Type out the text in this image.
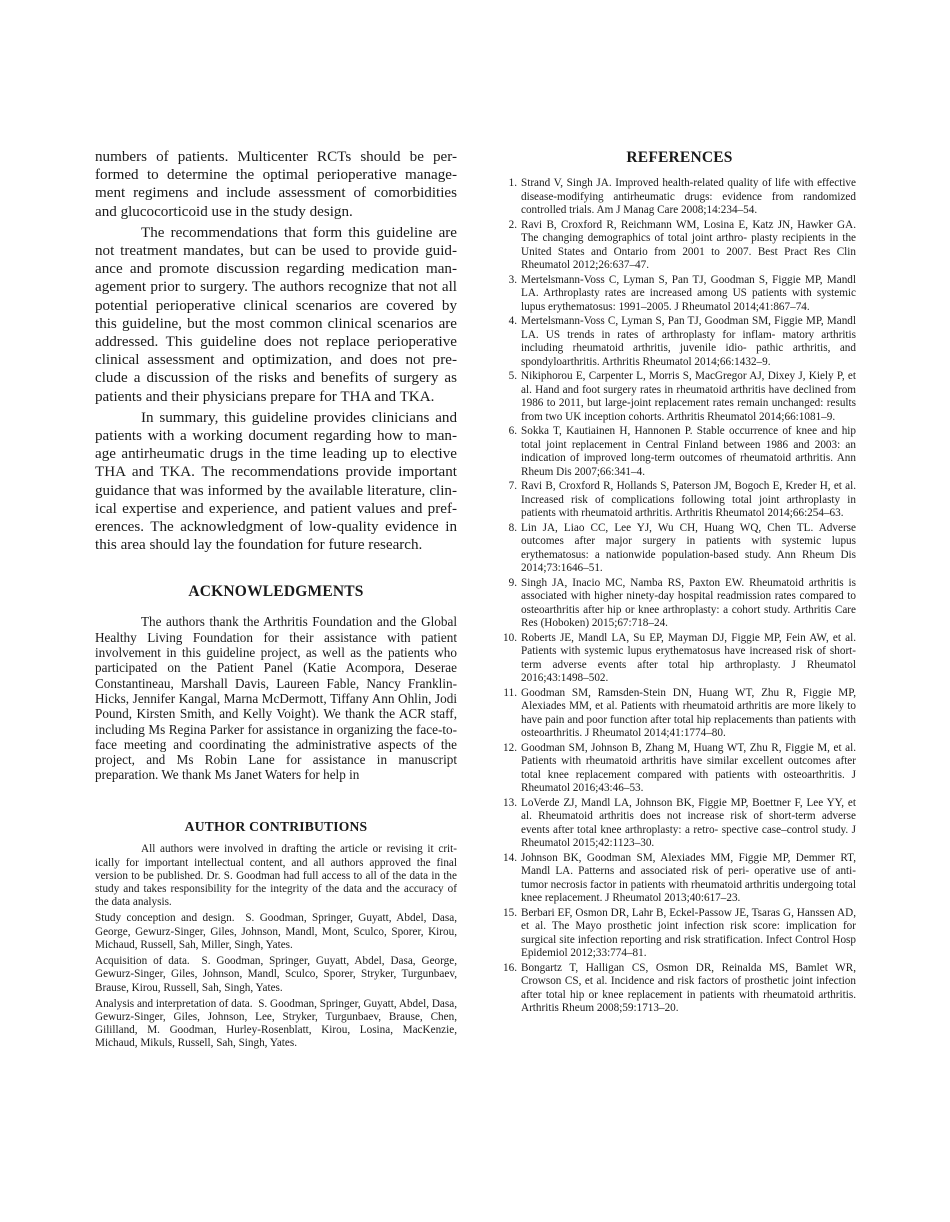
numbers of patients. Multicenter RCTs should be per- formed to determine the optimal perioperative manage- ment regimens and include assessment of comorbidities and glucocorticoid use in the study design.

The recommendations that form this guideline are not treatment mandates, but can be used to provide guid- ance and promote discussion regarding medication man- agement prior to surgery. The authors recognize that not all potential perioperative clinical scenarios are covered by this guideline, but the most common clinical scenarios are addressed. This guideline does not replace perioperative clinical assessment and optimization, and does not pre- clude a discussion of the risks and benefits of surgery as patients and their physicians prepare for THA and TKA.

In summary, this guideline provides clinicians and patients with a working document regarding how to man- age antirheumatic drugs in the time leading up to elective THA and TKA. The recommendations provide important guidance that was informed by the available literature, clin- ical expertise and experience, and patient values and pref- erences. The acknowledgment of low-quality evidence in this area should lay the foundation for future research.

ACKNOWLEDGMENTS

The authors thank the Arthritis Foundation and the Global Healthy Living Foundation for their assistance with patient involvement in this guideline project, as well as the patients who participated on the Patient Panel (Katie Acompora, Deserae Constantineau, Marshall Davis, Laureen Fable, Nancy Franklin-Hicks, Jennifer Kangal, Marna McDermott, Tiffany Ann Ohlin, Jodi Pound, Kirsten Smith, and Kelly Voight). We thank the ACR staff, including Ms Regina Parker for assistance in organizing the face-to-face meeting and coordinating the administrative aspects of the project, and Ms Robin Lane for assistance in manuscript preparation. We thank Ms Janet Waters for help in

AUTHOR CONTRIBUTIONS

All authors were involved in drafting the article or revising it crit- ically for important intellectual content, and all authors approved the final version to be published. Dr. S. Goodman had full access to all of the data in the study and takes responsibility for the integrity of the data and the accuracy of the data analysis.

Study conception and design. S. Goodman, Springer, Guyatt, Abdel, Dasa, George, Gewurz-Singer, Giles, Johnson, Mandl, Mont, Sculco, Sporer, Kirou, Michaud, Russell, Sah, Miller, Singh, Yates.

Acquisition of data. S. Goodman, Springer, Guyatt, Abdel, Dasa, George, Gewurz-Singer, Giles, Johnson, Mandl, Sculco, Sporer, Stryker, Turgunbaev, Brause, Kirou, Russell, Sah, Singh, Yates.

Analysis and interpretation of data. S. Goodman, Springer, Guyatt, Abdel, Dasa, Gewurz-Singer, Giles, Johnson, Lee, Stryker, Turgunbaev, Brause, Chen, Gililland, M. Goodman, Hurley-Rosenblatt, Kirou, Losina, MacKenzie, Michaud, Mikuls, Russell, Sah, Singh, Yates.

REFERENCES
1. Strand V, Singh JA. Improved health-related quality of life with effective disease-modifying antirheumatic drugs: evidence from randomized controlled trials. Am J Manag Care 2008;14:234–54.
2. Ravi B, Croxford R, Reichmann WM, Losina E, Katz JN, Hawker GA. The changing demographics of total joint arthro- plasty recipients in the United States and Ontario from 2001 to 2007. Best Pract Res Clin Rheumatol 2012;26:637–47.
3. Mertelsmann-Voss C, Lyman S, Pan TJ, Goodman S, Figgie MP, Mandl LA. Arthroplasty rates are increased among US patients with systemic lupus erythematosus: 1991–2005. J Rheumatol 2014;41:867–74.
4. Mertelsmann-Voss C, Lyman S, Pan TJ, Goodman SM, Figgie MP, Mandl LA. US trends in rates of arthroplasty for inflam- matory arthritis including rheumatoid arthritis, juvenile idio- pathic arthritis, and spondyloarthritis. Arthritis Rheumatol 2014;66:1432–9.
5. Nikiphorou E, Carpenter L, Morris S, MacGregor AJ, Dixey J, Kiely P, et al. Hand and foot surgery rates in rheumatoid arthritis have declined from 1986 to 2011, but large-joint replacement rates remain unchanged: results from two UK inception cohorts. Arthritis Rheumatol 2014;66:1081–9.
6. Sokka T, Kautiainen H, Hannonen P. Stable occurrence of knee and hip total joint replacement in Central Finland between 1986 and 2003: an indication of improved long-term outcomes of rheumatoid arthritis. Ann Rheum Dis 2007;66:341–4.
7. Ravi B, Croxford R, Hollands S, Paterson JM, Bogoch E, Kreder H, et al. Increased risk of complications following total joint arthroplasty in patients with rheumatoid arthritis. Arthritis Rheumatol 2014;66:254–63.
8. Lin JA, Liao CC, Lee YJ, Wu CH, Huang WQ, Chen TL. Adverse outcomes after major surgery in patients with systemic lupus erythematosus: a nationwide population-based study. Ann Rheum Dis 2014;73:1646–51.
9. Singh JA, Inacio MC, Namba RS, Paxton EW. Rheumatoid arthritis is associated with higher ninety-day hospital readmission rates compared to osteoarthritis after hip or knee arthroplasty: a cohort study. Arthritis Care Res (Hoboken) 2015;67:718–24.
10. Roberts JE, Mandl LA, Su EP, Mayman DJ, Figgie MP, Fein AW, et al. Patients with systemic lupus erythematosus have increased risk of short-term adverse events after total hip arthroplasty. J Rheumatol 2016;43:1498–502.
11. Goodman SM, Ramsden-Stein DN, Huang WT, Zhu R, Figgie MP, Alexiades MM, et al. Patients with rheumatoid arthritis are more likely to have pain and poor function after total hip replacements than patients with osteoarthritis. J Rheumatol 2014;41:1774–80.
12. Goodman SM, Johnson B, Zhang M, Huang WT, Zhu R, Figgie M, et al. Patients with rheumatoid arthritis have similar excellent outcomes after total knee replacement compared with patients with osteoarthritis. J Rheumatol 2016;43:46–53.
13. LoVerde ZJ, Mandl LA, Johnson BK, Figgie MP, Boettner F, Lee YY, et al. Rheumatoid arthritis does not increase risk of short-term adverse events after total knee arthroplasty: a retro- spective case–control study. J Rheumatol 2015;42:1123–30.
14. Johnson BK, Goodman SM, Alexiades MM, Figgie MP, Demmer RT, Mandl LA. Patterns and associated risk of peri- operative use of anti-tumor necrosis factor in patients with rheumatoid arthritis undergoing total knee replacement. J Rheumatol 2013;40:617–23.
15. Berbari EF, Osmon DR, Lahr B, Eckel-Passow JE, Tsaras G, Hanssen AD, et al. The Mayo prosthetic joint infection risk score: implication for surgical site infection reporting and risk stratification. Infect Control Hosp Epidemiol 2012;33:774–81.
16. Bongartz T, Halligan CS, Osmon DR, Reinalda MS, Bamlet WR, Crowson CS, et al. Incidence and risk factors of prosthetic joint infection after total hip or knee replacement in patients with rheumatoid arthritis. Arthritis Rheum 2008;59:1713–20.
